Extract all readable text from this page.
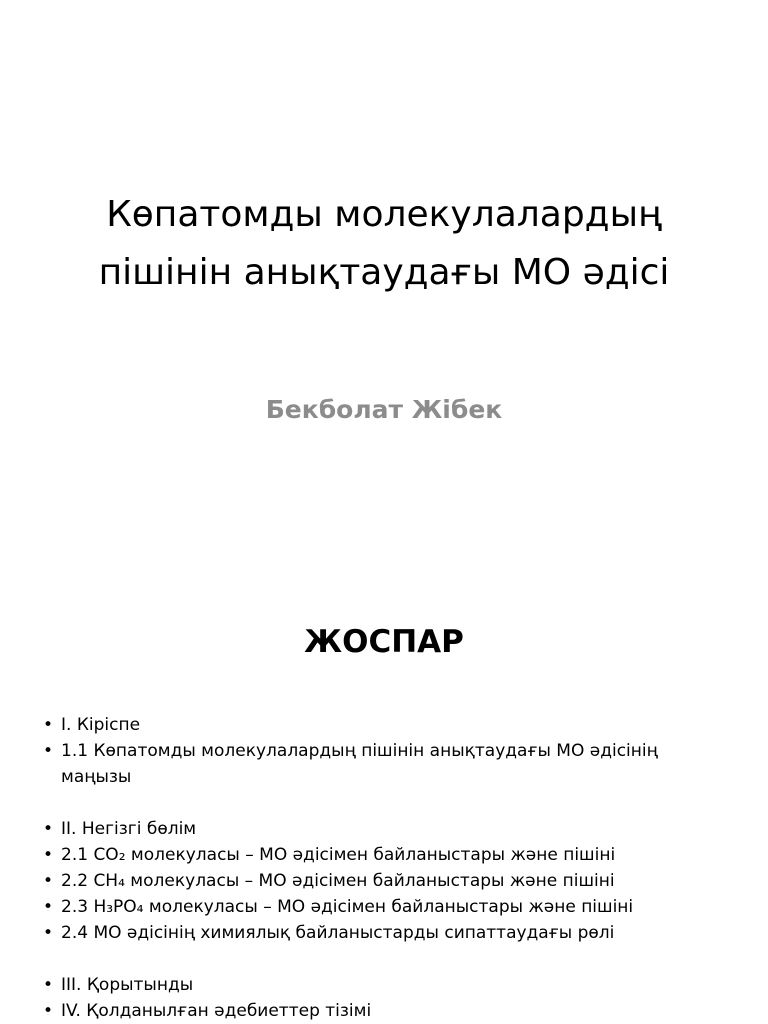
Көпатомды молекулалардың
пішінін анықтаудағы МО әдісі

Бекболат Жібек

ЖОСПАР
• I. Кіріспе
• 1.1 Көпатомды молекулалардың пішінін анықтаудағы МО әдісінің маңызы
• II. Негізгі бөлім
• 2.1 CO₂ молекуласы – МО әдісімен байланыстары және пішіні
• 2.2 CH₄ молекуласы – МО әдісімен байланыстары және пішіні
• 2.3 H₃PO₄ молекуласы – МО әдісімен байланыстары және пішіні
• 2.4 МО әдісінің химиялық байланыстарды сипаттаудағы рөлі
• III. Қорытынды
• IV. Қолданылған әдебиеттер тізімі
